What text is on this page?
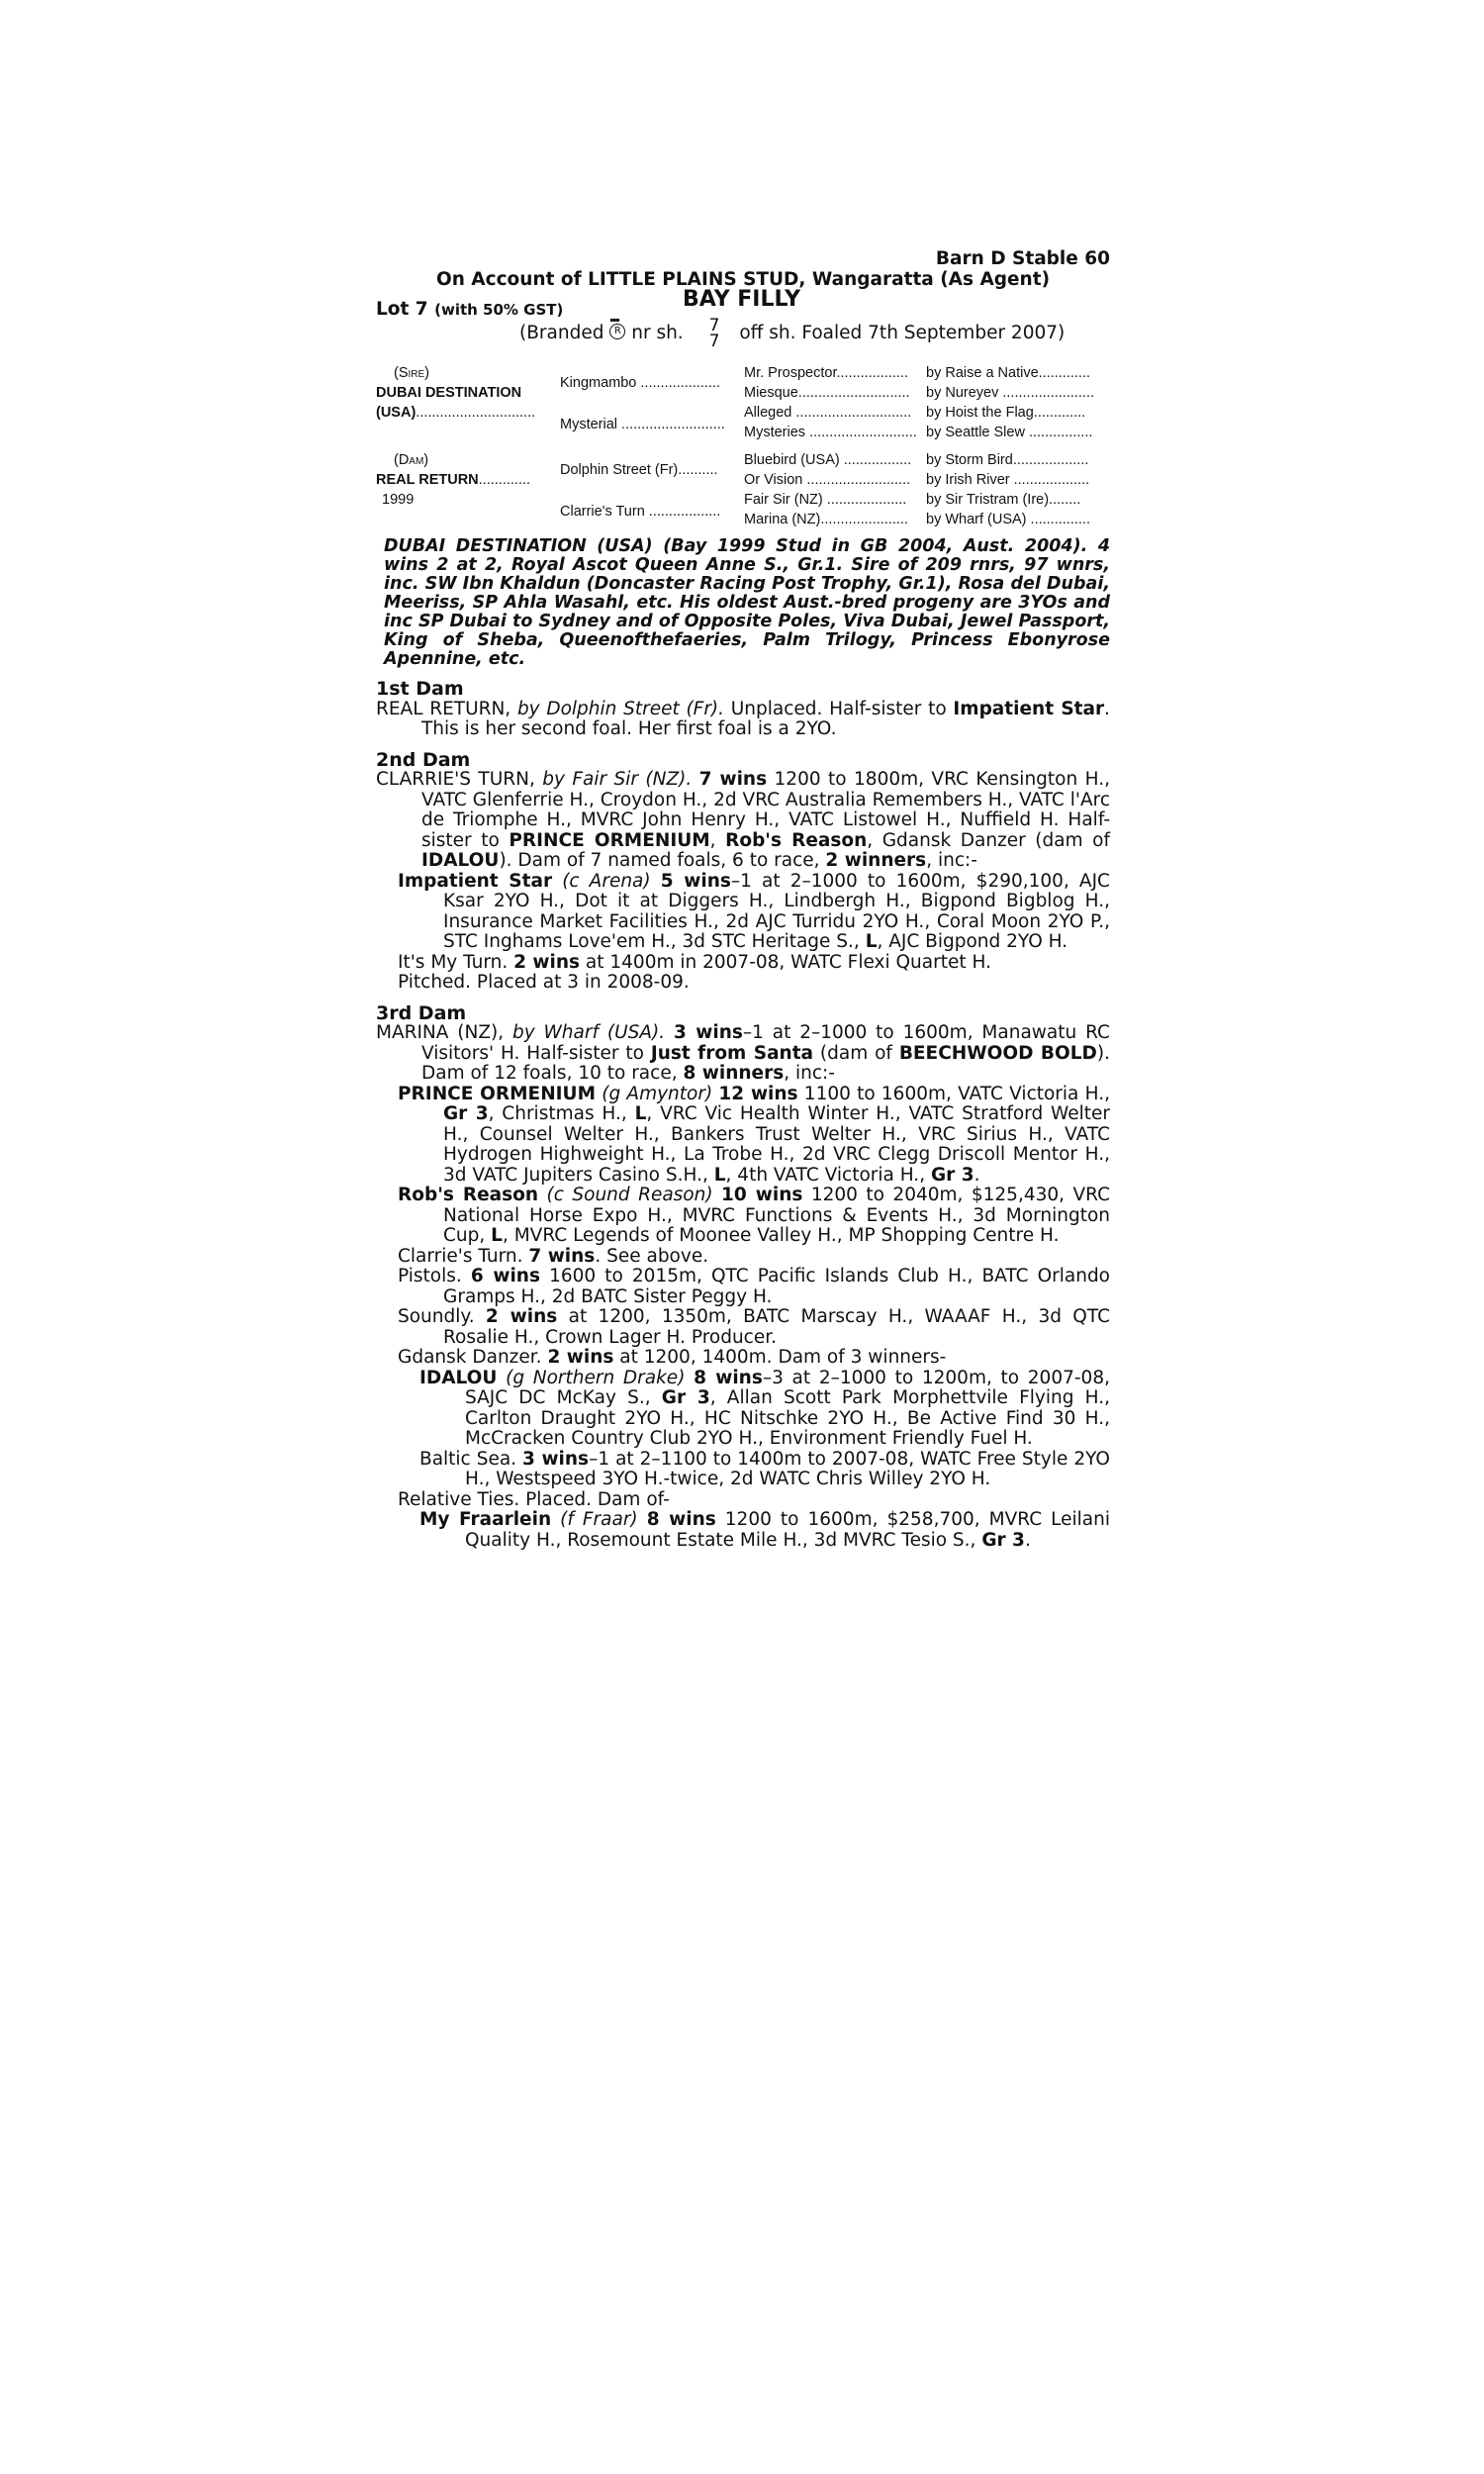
Barn D Stable 60
On Account of LITTLE PLAINS STUD, Wangaratta (As Agent)
Lot 7 (with 50% GST)	BAY FILLY
(Branded ▪▪▪ R nr sh. 7
7 off sh. Foaled 7th September 2007)
(Sire)
DUBAI DESTINATION
(USA)..............................
(Dam)
REAL RETURN.............
1999
Kingmambo ....................
Mysterial ..........................
Dolphin Street (Fr)..........
Clarrie's Turn ..................
Mr. Prospector..................
Miesque............................
Alleged .............................
Mysteries ...........................
Bluebird (USA) .................
Or Vision ..........................
Fair Sir (NZ) ....................
Marina (NZ)......................
by Raise a Native.............
by Nureyev .......................
by Hoist the Flag.............
by Seattle Slew ................
by Storm Bird...................
by Irish River ...................
by Sir Tristram (Ire)........
by Wharf (USA) ...............

DUBAI DESTINATION (USA) (Bay 1999 Stud in GB 2004, Aust. 2004). 4 wins 2 at 2, Royal Ascot Queen Anne S., Gr.1. Sire of 209 rnrs, 97 wnrs, inc. SW Ibn Khaldun (Doncaster Racing Post Trophy, Gr.1), Rosa del Dubai, Meeriss, SP Ahla Wasahl, etc. His oldest Aust.-bred progeny are 3YOs and inc SP Dubai to Sydney and of Opposite Poles, Viva Dubai, Jewel Passport, King of Sheba, Queenofthefaeries, Palm Trilogy, Princess Ebonyrose Apennine, etc.

1st Dam

REAL RETURN, by Dolphin Street (Fr). Unplaced. Half-sister to Impatient Star. This is her second foal. Her first foal is a 2YO.

2nd Dam

CLARRIE'S TURN, by Fair Sir (NZ). 7 wins 1200 to 1800m, VRC Kensington H., VATC Glenferrie H., Croydon H., 2d VRC Australia Remembers H., VATC l'Arc de Triomphe H., MVRC John Henry H., VATC Listowel H., Nuffield H. Half-sister to PRINCE ORMENIUM, Rob's Reason, Gdansk Danzer (dam of IDALOU). Dam of 7 named foals, 6 to race, 2 winners, inc:-

Impatient Star (c Arena) 5 wins–1 at 2–1000 to 1600m, $290,100, AJC Ksar 2YO H., Dot it at Diggers H., Lindbergh H., Bigpond Bigblog H., Insurance Market Facilities H., 2d AJC Turridu 2YO H., Coral Moon 2YO P., STC Inghams Love'em H., 3d STC Heritage S., L, AJC Bigpond 2YO H.

It's My Turn. 2 wins at 1400m in 2007-08, WATC Flexi Quartet H.

Pitched. Placed at 3 in 2008-09.

3rd Dam

MARINA (NZ), by Wharf (USA). 3 wins–1 at 2–1000 to 1600m, Manawatu RC Visitors' H. Half-sister to Just from Santa (dam of BEECHWOOD BOLD). Dam of 12 foals, 10 to race, 8 winners, inc:-

PRINCE ORMENIUM (g Amyntor) 12 wins 1100 to 1600m, VATC Victoria H., Gr 3, Christmas H., L, VRC Vic Health Winter H., VATC Stratford Welter H., Counsel Welter H., Bankers Trust Welter H., VRC Sirius H., VATC Hydrogen Highweight H., La Trobe H., 2d VRC Clegg Driscoll Mentor H., 3d VATC Jupiters Casino S.H., L, 4th VATC Victoria H., Gr 3.

Rob's Reason (c Sound Reason) 10 wins 1200 to 2040m, $125,430, VRC National Horse Expo H., MVRC Functions & Events H., 3d Mornington Cup, L, MVRC Legends of Moonee Valley H., MP Shopping Centre H.

Clarrie's Turn. 7 wins. See above.

Pistols. 6 wins 1600 to 2015m, QTC Pacific Islands Club H., BATC Orlando Gramps H., 2d BATC Sister Peggy H.

Soundly. 2 wins at 1200, 1350m, BATC Marscay H., WAAAF H., 3d QTC Rosalie H., Crown Lager H. Producer.

Gdansk Danzer. 2 wins at 1200, 1400m. Dam of 3 winners-

IDALOU (g Northern Drake) 8 wins–3 at 2–1000 to 1200m, to 2007-08, SAJC DC McKay S., Gr 3, Allan Scott Park Morphettvile Flying H., Carlton Draught 2YO H., HC Nitschke 2YO H., Be Active Find 30 H., McCracken Country Club 2YO H., Environment Friendly Fuel H.

Baltic Sea. 3 wins–1 at 2–1100 to 1400m to 2007-08, WATC Free Style 2YO H., Westspeed 3YO H.-twice, 2d WATC Chris Willey 2YO H.

Relative Ties. Placed. Dam of-

My Fraarlein (f Fraar) 8 wins 1200 to 1600m, $258,700, MVRC Leilani Quality H., Rosemount Estate Mile H., 3d MVRC Tesio S., Gr 3.
